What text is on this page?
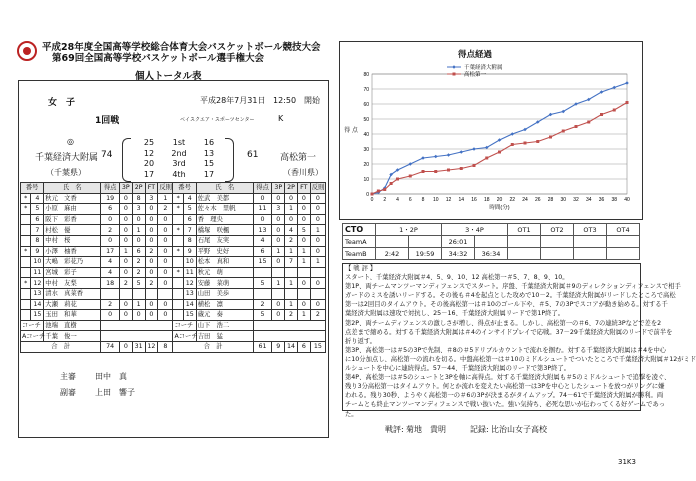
平成28年度全国高等学校総合体育大会バスケットボール競技大会
第69回全国高等学校バスケットボール選手権大会
個人トータル表
女　子	平成28年7月31日 12:50　開始
1回戦	ベイスクエア・スポーツセンター	K
◎
千葉経済大附属
（千葉県）
74
25	1st	16
12	2nd	13
20	3rd	15
17	4th	17
61 高松第一
（香川県）
番号		氏　名	得点	3P	2P	FT	反則	番号		氏　名	得点	3P	2P	FT	反則
*	4	秋元　文香	19	0	8	3	1	*	4	佐武　美都	0	0	0	0	0
*	5	小原　麻由	6	0	3	0	2	*	5	佐々木　里帆	11	3	1	0	0
	6	阪下　彩香	0	0	0	0	0		6	香　理央	0	0	0	0	0
	7	村松　優	2	0	1	0	0	*	7	橋塚　咲楓	13	0	4	5	1
	8	中村　桜	0	0	0	0	0		8	石尾　友実	4	0	2	0	0
*	9	小澤　柚香	17	1	6	2	0	*	9	平野　史好	6	1	1	1	0
	10	大嶋　彩花乃	4	0	2	0	0		10	松本　真和	15	0	7	1	1
	11	宮城　彩子	4	0	2	0	0	*	11	秋元　萌					
*	12	中村　友梨	18	2	5	2	0		12	安藤　菜萌	5	1	1	0	0
	13	清水　真菜香							13	山田　美歩					
	14	大瀬　莉花	2	0	1	0	0		14	横松　凛	2	0	1	0	0
	15	玉田　和華	0	0	0	0	0		15	蔵元　奏	5	0	2	1	2
コーチ		池端　直樹						コーチ		山下　浩二					
Aコーチ		千葉　俊一						Aコーチ		吉田　猛					
合　計			74	0	31	12	8	合　計			61	9	14	6	15
主審 田中　真
副審 上田　響子
得点経過
0
10
20
30
40
50
60
70
80
0 2 4 6 8 10 12 14 16 18 20 22 24 26 28 30 32 34 36 38 40
時間(分)
得 点
千葉経済大附属
高松第一
CTO	1・2P		3・4P		OT1	OT2	OT3	OT4
TeamA			26:01					
TeamB	2:42	19:59	34:32	36:34				
【 戦 評 】
スタート、千葉経済大附属＃4、5、9、10、12 高松第一＃5、7、8、9、10。
第1P、両チームマンツーマンディフェンスでスタート。序盤、千葉経済大附属＃9のディレクションディフェンスで相手
ガードのミスを誘いリードする。その後も＃4を起点とした攻めで10－2。千葉経済大附属がリードしたところで高松
第一は2回目のタイムアウト。その後高松第一は＃10のゴール下や、＃5、7の3Pでスコアが動き始める。対する千
葉経済大附属は速攻で対抗し、25－16、千葉経済大附属リードで第1P終了。
第2P、両チームディフェンスの激しさが増し、得点が止まる。しかし、高松第一の＃6、7の連続3Pなどで差を2
点差まで縮める。対する千葉経済大附属は＃4のインサイドプレイで応戦。37－29千葉経済大附属のリードで前半を
折り返す。
第3P、高松第一は＃5の3Pで先制、＃8の＃5ドリブルカウントで流れを掴む。対する千葉経済大附属は＃4を中心
に10分加点し、高松第一の流れを切る。中盤高松第一は＃10のミドルシュートでついたところで千葉経済大附属＃12がミド
ルシュートを中心に連続得点。57－44、千葉経済大附属のリードで第3P終了。
第4P、高松第一は＃5のシュートと3Pを軸に高得点。対する千葉経済大附属も＃5のミドルシュートで追撃を凌ぐ、
残り3分高松第一はタイムアウト。何とか流れを変えたい高松第一は3Pを中心としたシュートを放つがリングに嫌
われる。残り30秒、ようやく高松第一の＃6の3Pが決まるがタイムアップ。74－61で千葉経済大附属が勝利。両
チームとも終止マンツーマンディフェンスで戦い抜いた。強い気持ち、必死な思いが伝わってくる好ゲームであっ
た。
戦評: 菊地　貴明	記録: 比治山女子高校
31K3
